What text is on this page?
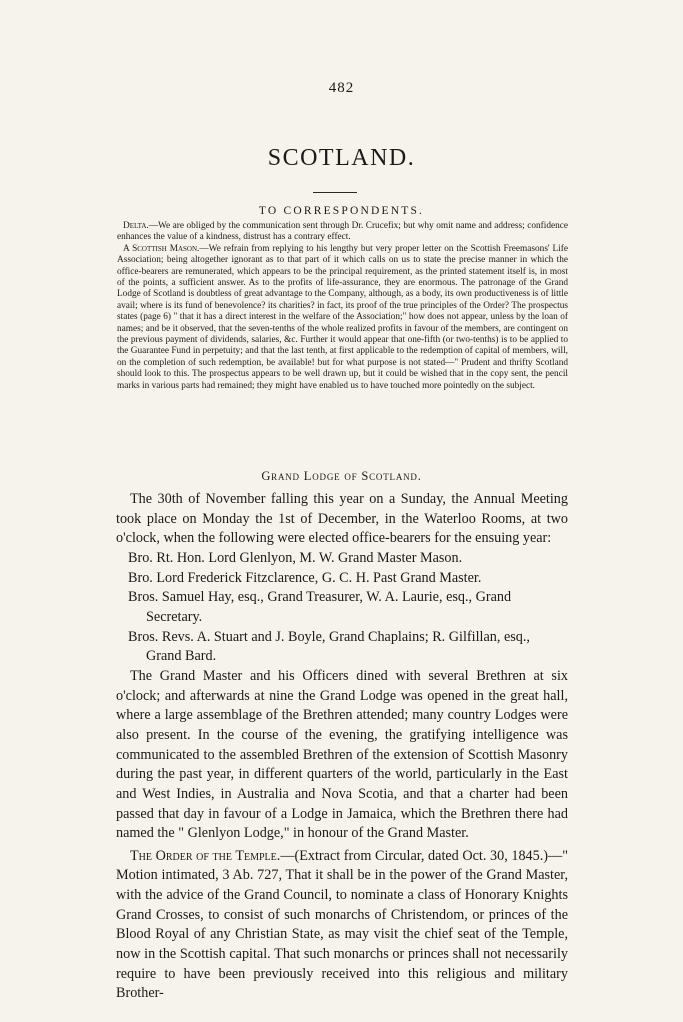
482
SCOTLAND.
TO CORRESPONDENTS.

Delta.—We are obliged by the communication sent through Dr. Crucefix; but why omit name and address; confidence enhances the value of a kindness, distrust has a contrary effect.

A Scottish Mason.—We refrain from replying to his lengthy but very proper letter on the Scottish Freemasons' Life Association; being altogether ignorant as to that part of it which calls on us to state the precise manner in which the office-bearers are remunerated, which appears to be the principal requirement, as the printed statement itself is, in most of the points, a sufficient answer. As to the profits of life-assurance, they are enormous. The patronage of the Grand Lodge of Scotland is doubtless of great advantage to the Company, although, as a body, its own productiveness is of little avail; where is its fund of benevolence? its charities? in fact, its proof of the true principles of the Order? The prospectus states (page 6) " that it has a direct interest in the welfare of the Association;" how does not appear, unless by the loan of names; and be it observed, that the seven-tenths of the whole realized profits in favour of the members, are contingent on the previous payment of dividends, salaries, &c. Further it would appear that one-fifth (or two-tenths) is to be applied to the Guarantee Fund in perpetuity; and that the last tenth, at first applicable to the redemption of capital of members, will, on the completion of such redemption, be available! but for what purpose is not stated—" Prudent and thrifty Scotland should look to this. The prospectus appears to be well drawn up, but it could be wished that in the copy sent, the pencil marks in various parts had remained; they might have enabled us to have touched more pointedly on the subject.

Grand Lodge of Scotland.

The 30th of November falling this year on a Sunday, the Annual Meeting took place on Monday the 1st of December, in the Waterloo Rooms, at two o'clock, when the following were elected office-bearers for the ensuing year:

Bro. Rt. Hon. Lord Glenlyon, M. W. Grand Master Mason.

Bro. Lord Frederick Fitzclarence, G. C. H. Past Grand Master.

Bros. Samuel Hay, esq., Grand Treasurer, W. A. Laurie, esq., Grand Secretary.

Bros. Revs. A. Stuart and J. Boyle, Grand Chaplains; R. Gilfillan, esq., Grand Bard.

The Grand Master and his Officers dined with several Brethren at six o'clock; and afterwards at nine the Grand Lodge was opened in the great hall, where a large assemblage of the Brethren attended; many country Lodges were also present. In the course of the evening, the gratifying intelligence was communicated to the assembled Brethren of the extension of Scottish Masonry during the past year, in different quarters of the world, particularly in the East and West Indies, in Australia and Nova Scotia, and that a charter had been passed that day in favour of a Lodge in Jamaica, which the Brethren there had named the " Glenlyon Lodge," in honour of the Grand Master.

The Order of the Temple.—(Extract from Circular, dated Oct. 30, 1845.)—" Motion intimated, 3 Ab. 727, That it shall be in the power of the Grand Master, with the advice of the Grand Council, to nominate a class of Honorary Knights Grand Crosses, to consist of such monarchs of Christendom, or princes of the Blood Royal of any Christian State, as may visit the chief seat of the Temple, now in the Scottish capital. That such monarchs or princes shall not necessarily require to have been previously received into this religious and military Brother-
